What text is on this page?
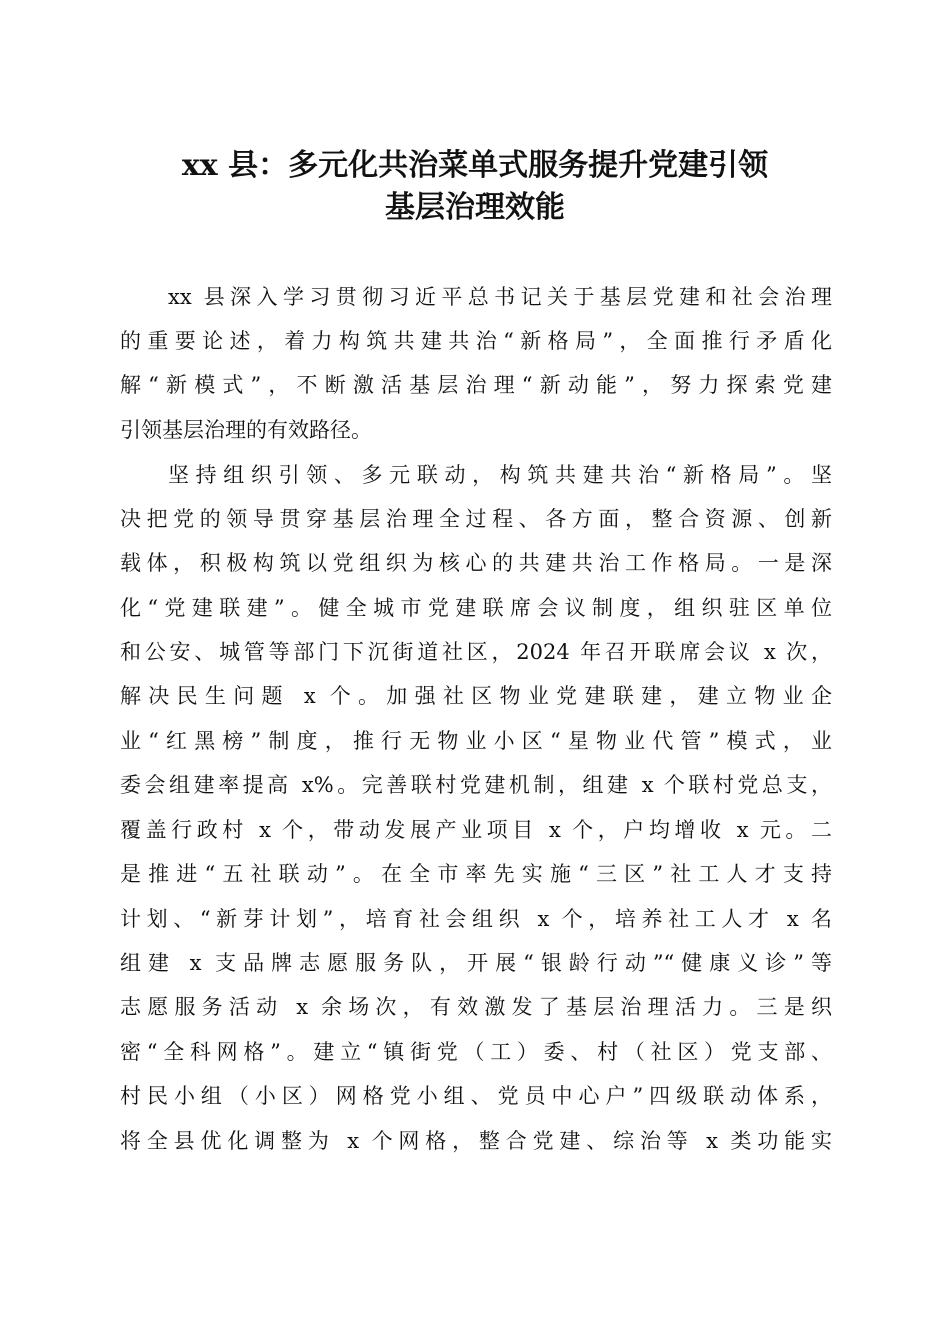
xx 县：多元化共治菜单式服务提升党建引领
基层治理效能
xx 县深入学习贯彻习近平总书记关于基层党建和社会治理
的重要论述，着力构筑共建共治“新格局”，全面推行矛盾化
解“新模式”，不断激活基层治理“新动能”，努力探索党建
引领基层治理的有效路径。
坚持组织引领、多元联动，构筑共建共治“新格局”。坚
决把党的领导贯穿基层治理全过程、各方面，整合资源、创新
载体，积极构筑以党组织为核心的共建共治工作格局。一是深
化“党建联建”。健全城市党建联席会议制度，组织驻区单位
和公安、城管等部门下沉街道社区，2024 年召开联席会议 x 次，
解决民生问题 x 个。加强社区物业党建联建，建立物业企
业“红黑榜”制度，推行无物业小区“星物业代管”模式，业
委会组建率提高 x%。完善联村党建机制，组建 x 个联村党总支，
覆盖行政村 x 个，带动发展产业项目 x 个，户均增收 x 元。二
是推进“五社联动”。在全市率先实施“三区”社工人才支持
计划、“新芽计划”，培育社会组织 x 个，培养社工人才 x 名
组建 x 支品牌志愿服务队，开展“银龄行动”“健康义诊”等
志愿服务活动 x 余场次，有效激发了基层治理活力。三是织
密“全科网格”。建立“镇街党（工）委、村（社区）党支部、
村民小组（小区）网格党小组、党员中心户”四级联动体系，
将全县优化调整为 x 个网格，整合党建、综治等 x 类功能实
